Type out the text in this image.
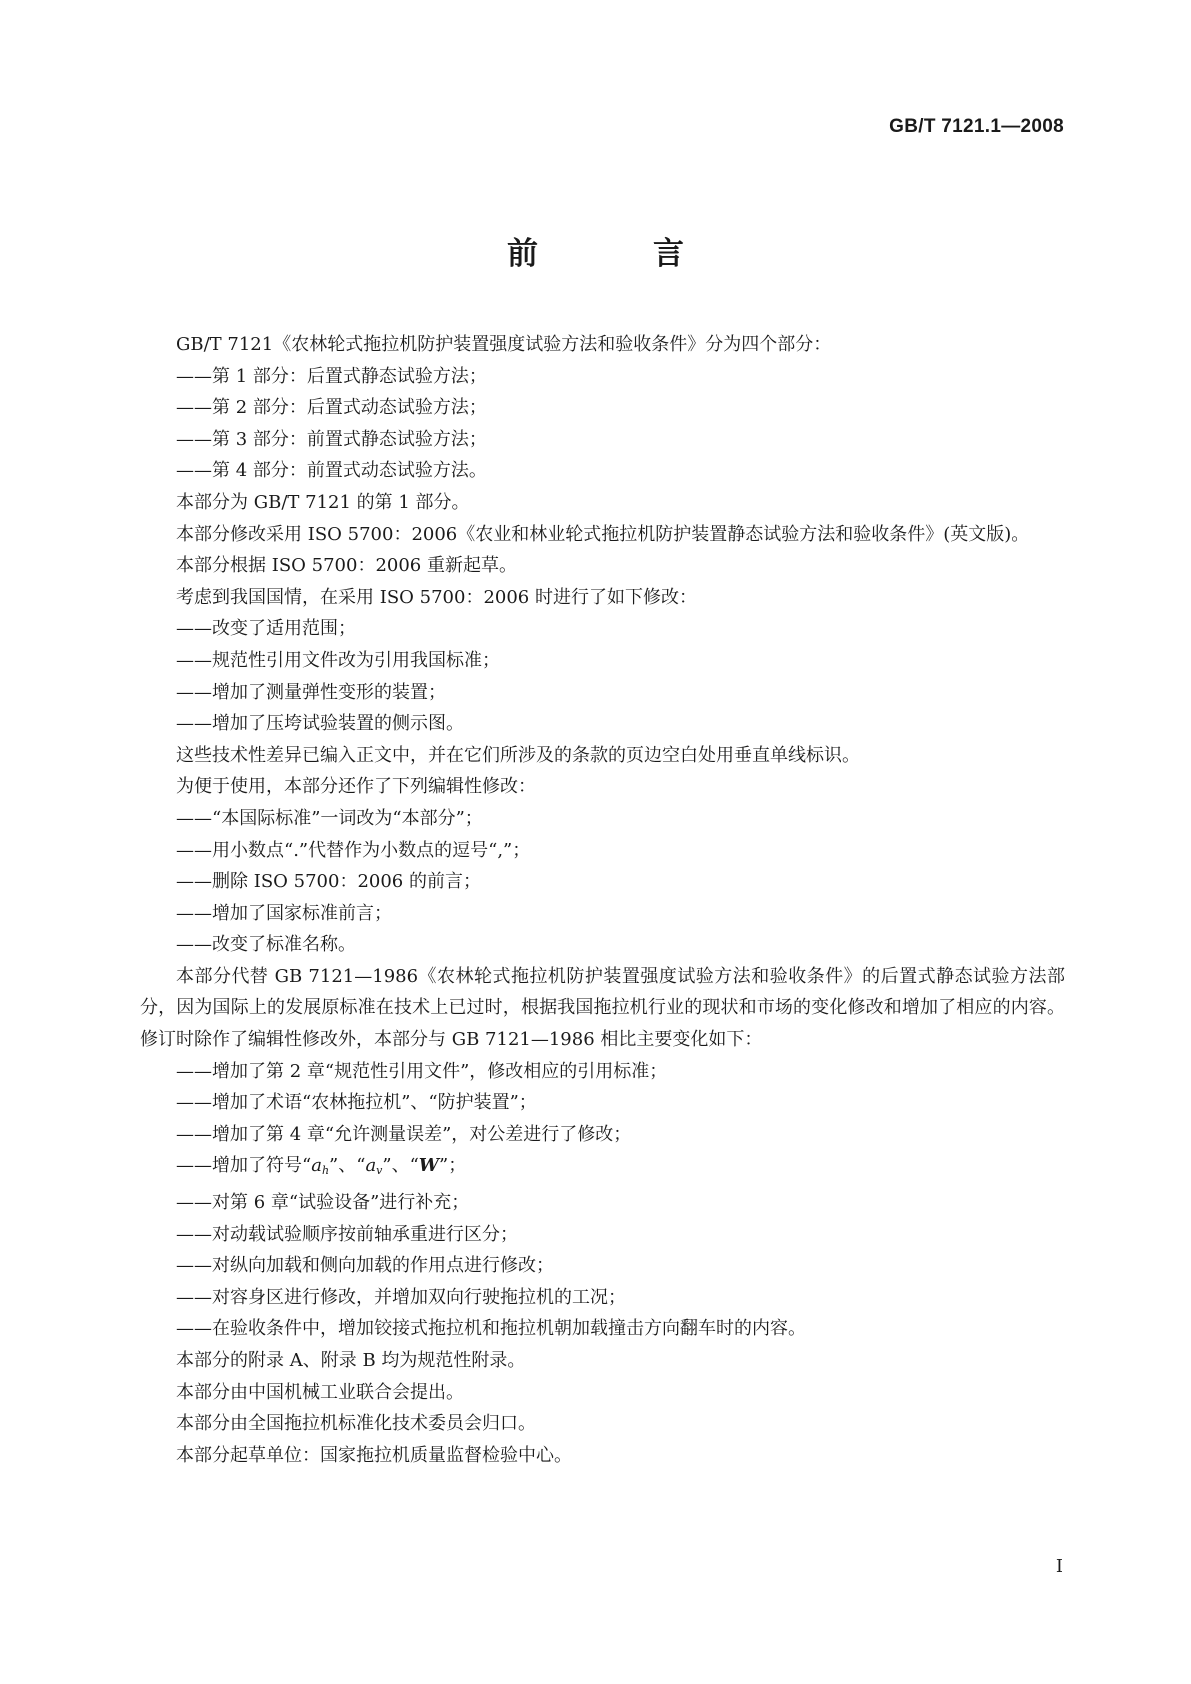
GB/T 7121.1—2008

前　言

GB/T 7121《农林轮式拖拉机防护装置强度试验方法和验收条件》分为四个部分：

——第 1 部分：后置式静态试验方法；

——第 2 部分：后置式动态试验方法；

——第 3 部分：前置式静态试验方法；

——第 4 部分：前置式动态试验方法。

本部分为 GB/T 7121 的第 1 部分。

本部分修改采用 ISO 5700：2006《农业和林业轮式拖拉机防护装置静态试验方法和验收条件》(英文版)。

本部分根据 ISO 5700：2006 重新起草。

考虑到我国国情，在采用 ISO 5700：2006 时进行了如下修改：

——改变了适用范围；

——规范性引用文件改为引用我国标准；

——增加了测量弹性变形的装置；

——增加了压垮试验装置的侧示图。

这些技术性差异已编入正文中，并在它们所涉及的条款的页边空白处用垂直单线标识。

为便于使用，本部分还作了下列编辑性修改：

——“本国际标准”一词改为“本部分”；

——用小数点“.”代替作为小数点的逗号“,”；

——删除 ISO 5700：2006 的前言；

——增加了国家标准前言；

——改变了标准名称。

本部分代替 GB 7121—1986《农林轮式拖拉机防护装置强度试验方法和验收条件》的后置式静态试验方法部分，因为国际上的发展原标准在技术上已过时，根据我国拖拉机行业的现状和市场的变化修改和增加了相应的内容。修订时除作了编辑性修改外，本部分与 GB 7121—1986 相比主要变化如下：

——增加了第 2 章“规范性引用文件”，修改相应的引用标准；

——增加了术语“农林拖拉机”、“防护装置”；

——增加了第 4 章“允许测量误差”，对公差进行了修改；

——增加了符号“$a_h$”、“$a_v$”、“W”；

——对第 6 章“试验设备”进行补充；

——对动载试验顺序按前轴承重进行区分；

——对纵向加载和侧向加载的作用点进行修改；

——对容身区进行修改，并增加双向行驶拖拉机的工况；

——在验收条件中，增加铰接式拖拉机和拖拉机朝加载撞击方向翻车时的内容。

本部分的附录 A、附录 B 均为规范性附录。

本部分由中国机械工业联合会提出。

本部分由全国拖拉机标准化技术委员会归口。

本部分起草单位：国家拖拉机质量监督检验中心。

I
